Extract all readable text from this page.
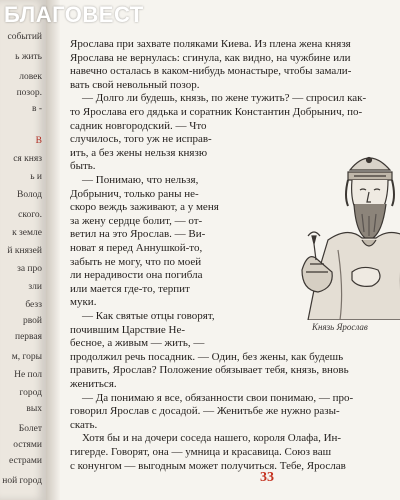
событий
ь жить
ловек
позор.
в -
В
ся княз
ь и
Волод
ского.
к земле
й князей
за про
зли
безз
рвой
первая
м, горы
Не пол
город
вых
Болет
остями
естрами
ной город
Ярослава при захвате поляками Киева. Из плена жена князя
Ярослава не вернулась: сгинула, как видно, на чужбине или
навечно осталась в каком-нибудь монастыре, чтобы замали-
вать свой невольный позор.
— Долго ли будешь, князь, по жене тужить? — спросил как-
то Ярослава его дядька и соратник Константин Добрынич, по-
садник новгородский. — Что
случилось, того уж не исправ-
ить, а без жены нельзя князю
быть.
— Понимаю, что нельзя,
Добрынич, только раны не-
скоро веждь заживают, а у меня
за жену сердце болит, — от-
ветил на это Ярослав. — Ви-
новат я перед Аннушкой-то,
забыть не могу, что по моей
ли нерадивости она погибла
или мается где-то, терпит
муки.
— Как святые отцы говорят,
почившим Царствие Не-
бесное, а живым — жить, —
продолжил речь посадник. — Один, без жены, как будешь
править, Ярослав? Положение обязывает тебя, князь, вновь
жениться.
— Да понимаю я все, обязанности свои понимаю, — про-
говорил Ярослав с досадой. — Женитьбе же нужно разы-
скать.
Хотя бы и на дочери соседа нашего, короля Олафа, Ин-
гигерде. Говорят, она — умница и красавица. Союз ваш
с конунгом — выгодным может получиться. Тебе, Ярослав
Князь Ярослав
33
БЛАГОВЕСТ
